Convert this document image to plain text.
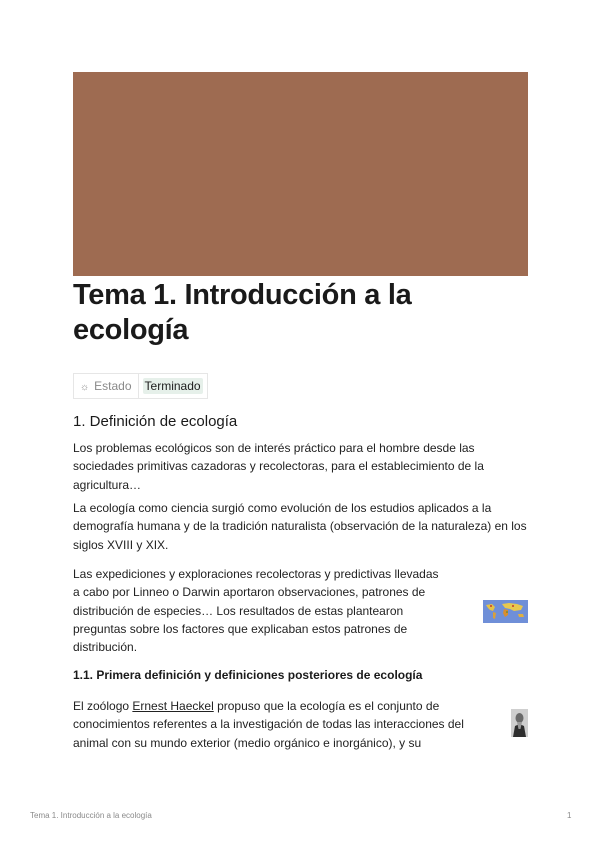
Tema 1. Introducción a la ecología
☼ Estado Terminado
1. Definición de ecología
Los problemas ecológicos son de interés práctico para el hombre desde las sociedades primitivas cazadoras y recolectoras, para el establecimiento de la agricultura…
La ecología como ciencia surgió como evolución de los estudios aplicados a la demografía humana y de la tradición naturalista (observación de la naturaleza) en los siglos XVIII y XIX.
Las expediciones y exploraciones recolectoras y predictivas llevadas a cabo por Linneo o Darwin aportaron observaciones, patrones de distribución de especies… Los resultados de estas plantearon preguntas sobre los factores que explicaban estos patrones de distribución.
1.1. Primera definición y definiciones posteriores de ecología
El zoólogo Ernest Haeckel propuso que la ecología es el conjunto de conocimientos referentes a la investigación de todas las interacciones del animal con su mundo exterior (medio orgánico e inorgánico), y su
Tema 1. Introducción a la ecología	1
